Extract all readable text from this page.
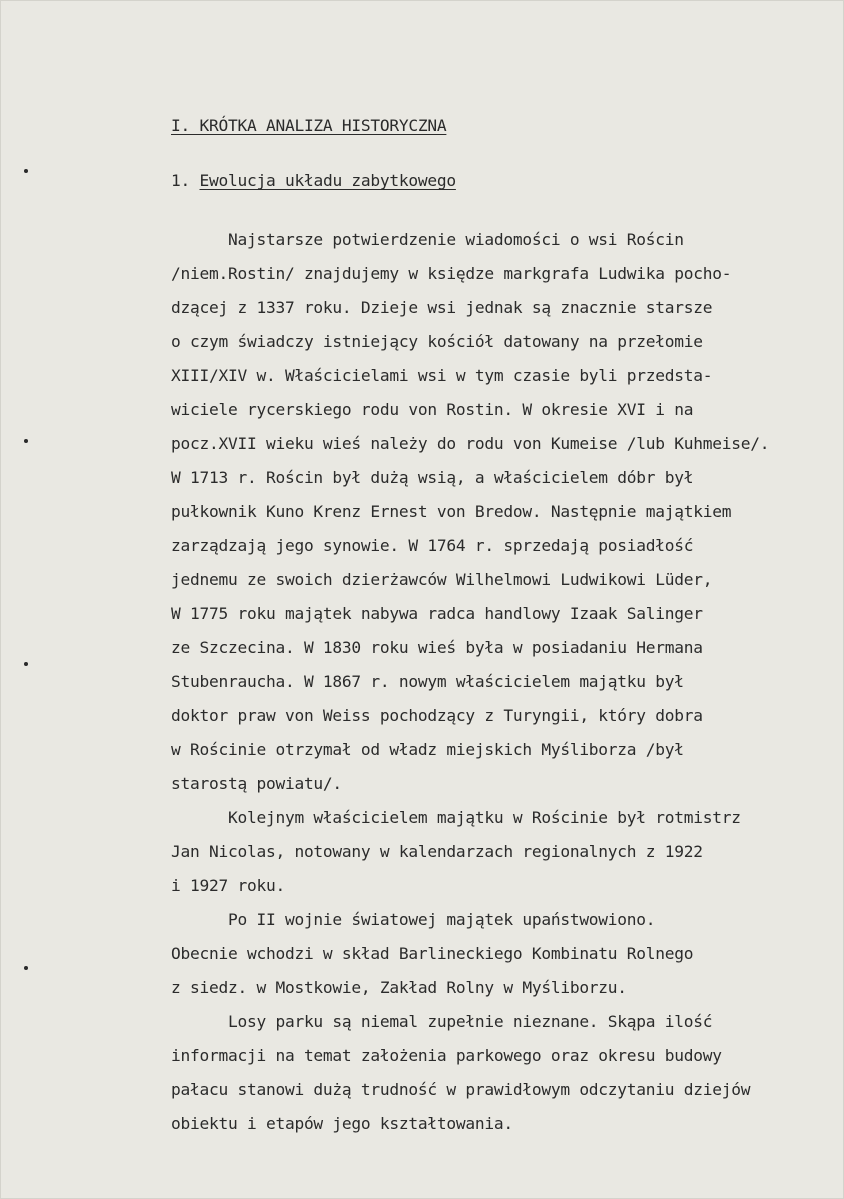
I. KRÓTKA ANALIZA HISTORYCZNA

1. Ewolucja układu zabytkowego

Najstarsze potwierdzenie wiadomości o wsi Rościn
/niem.Rostin/ znajdujemy w księdze markgrafa Ludwika pocho-
dzącej z 1337 roku. Dzieje wsi jednak są znacznie starsze
o czym świadczy istniejący kościół datowany na przełomie
XIII/XIV w. Właścicielami wsi w tym czasie byli przedsta-
wiciele rycerskiego rodu von Rostin. W okresie XVI i na
pocz.XVII wieku wieś należy do rodu von Kumeise /lub Kuhmeise/.
W 1713 r. Rościn był dużą wsią, a właścicielem dóbr był
pułkownik Kuno Krenz Ernest von Bredow. Następnie majątkiem
zarządzają jego synowie. W 1764 r. sprzedają posiadłość
jednemu ze swoich dzierżawców Wilhelmowi Ludwikowi Lüder,
W 1775 roku majątek nabywa radca handlowy Izaak Salinger
ze Szczecina. W 1830 roku wieś była w posiadaniu Hermana
Stubenraucha. W 1867 r. nowym właścicielem majątku był
doktor praw von Weiss pochodzący z Turyngii, który dobra
w Rościnie otrzymał od władz miejskich Myśliborza /był
starostą powiatu/.
Kolejnym właścicielem majątku w Rościnie był rotmistrz
Jan Nicolas, notowany w kalendarzach regionalnych z 1922
i 1927 roku.
Po II wojnie światowej majątek upaństwowiono.
Obecnie wchodzi w skład Barlineckiego Kombinatu Rolnego
z siedz. w Mostkowie, Zakład Rolny w Myśliborzu.
Losy parku są niemal zupełnie nieznane. Skąpa ilość
informacji na temat założenia parkowego oraz okresu budowy
pałacu stanowi dużą trudność w prawidłowym odczytaniu dziejów
obiektu i etapów jego kształtowania.
